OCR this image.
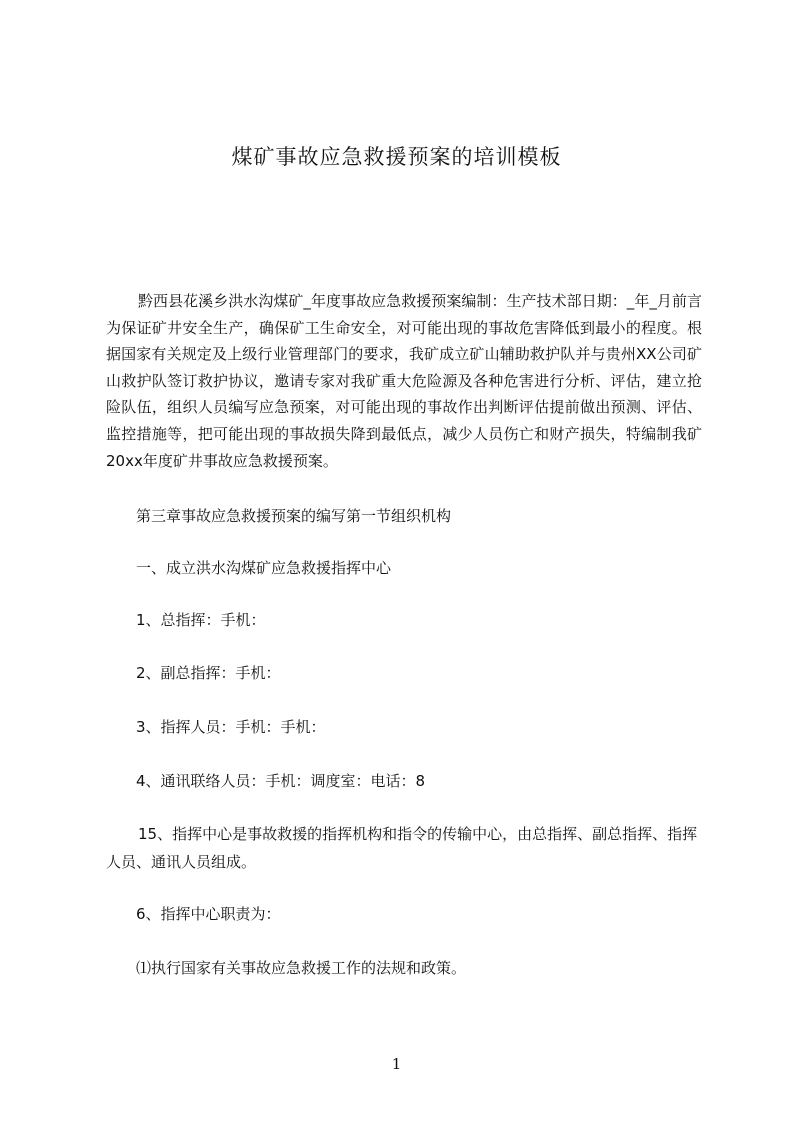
煤矿事故应急救援预案的培训模板

黔西县花溪乡洪水沟煤矿_年度事故应急救援预案编制：生产技术部日期：_年_月前言为保证矿井安全生产，确保矿工生命安全，对可能出现的事故危害降低到最小的程度。根据国家有关规定及上级行业管理部门的要求，我矿成立矿山辅助救护队并与贵州XX公司矿山救护队签订救护协议，邀请专家对我矿重大危险源及各种危害进行分析、评估，建立抢险队伍，组织人员编写应急预案，对可能出现的事故作出判断评估提前做出预测、评估、监控措施等，把可能出现的事故损失降到最低点，减少人员伤亡和财产损失，特编制我矿20xx年度矿井事故应急救援预案。

第三章事故应急救援预案的编写第一节组织机构
一、成立洪水沟煤矿应急救援指挥中心
1、总指挥：手机：
2、副总指挥：手机：
3、指挥人员：手机：手机：
4、通讯联络人员：手机：调度室：电话：8

15、指挥中心是事故救援的指挥机构和指令的传输中心，由总指挥、副总指挥、指挥人员、通讯人员组成。

6、指挥中心职责为：
⑴执行国家有关事故应急救援工作的法规和政策。
1
